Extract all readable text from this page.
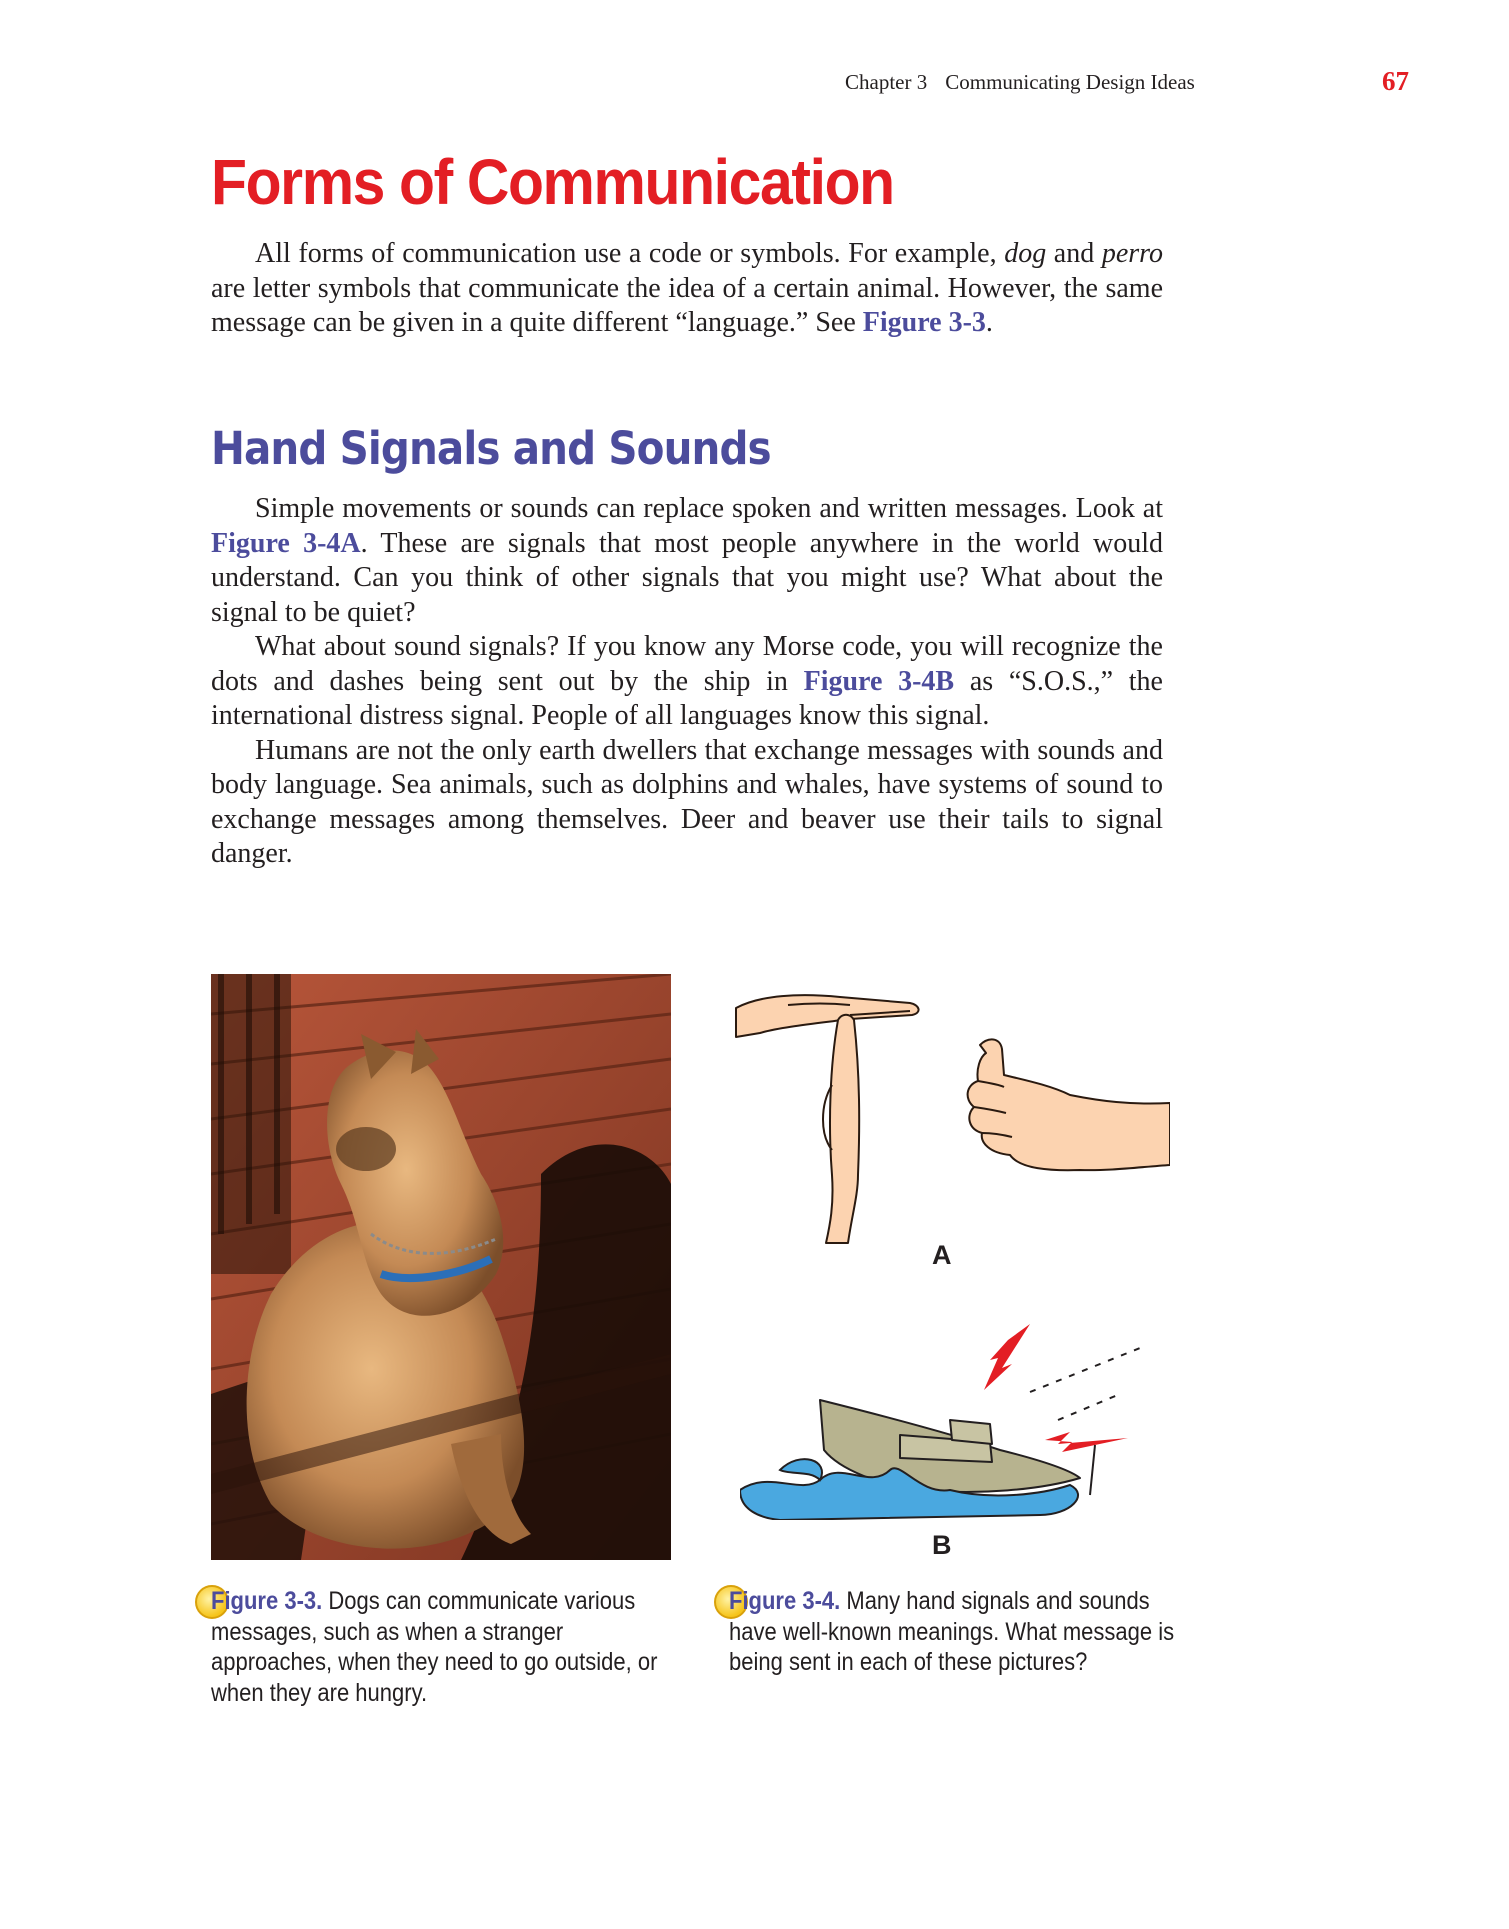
Chapter 3 Communicating Design Ideas	67
Forms of Communication

All forms of communication use a code or symbols. For example, dog and perro are letter symbols that communicate the idea of a certain animal. However, the same message can be given in a quite different “language.” See Figure 3-3.

Hand Signals and Sounds

Simple movements or sounds can replace spoken and written messages. Look at Figure 3-4A. These are signals that most people anywhere in the world would understand. Can you think of other signals that you might use? What about the signal to be quiet?

What about sound signals? If you know any Morse code, you will recognize the dots and dashes being sent out by the ship in Figure 3-4B as “S.O.S.,” the international distress signal. People of all languages know this signal.

Humans are not the only earth dwellers that exchange messages with sounds and body language. Sea animals, such as dolphins and whales, have systems of sound to exchange messages among themselves. Deer and beaver use their tails to signal danger.

A
B
Figure 3-3. Dogs can communicate various messages, such as when a stranger approaches, when they need to go outside, or when they are hungry.
Figure 3-4. Many hand signals and sounds have well-known meanings. What message is being sent in each of these pictures?
